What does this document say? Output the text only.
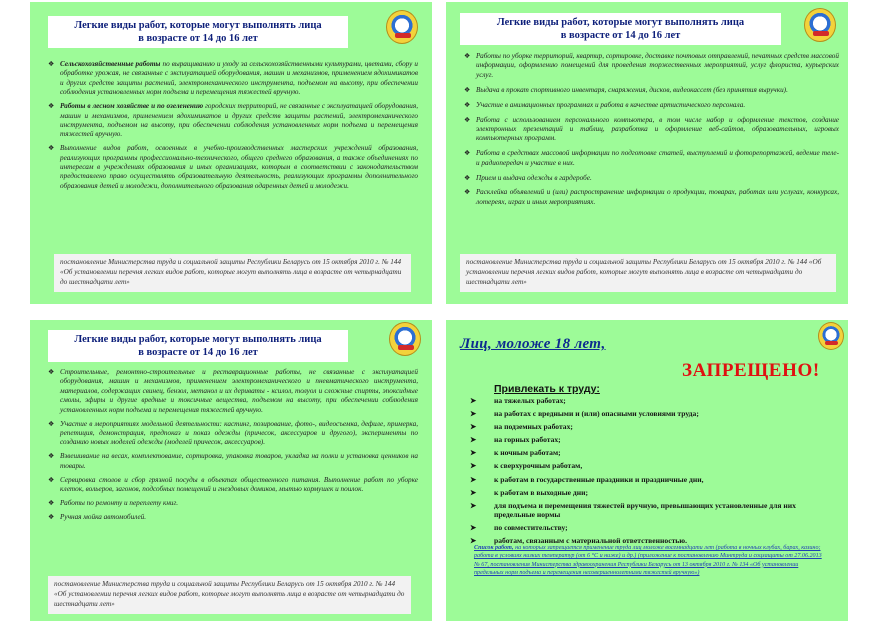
Легкие виды работ, которые могут выполнять лица
в возрасте от 14 до 16 лет
❖ Сельскохозяйственные работы по выращиванию и уходу за сельскохозяйственными культурами, цветами, сбору и обработке урожая, не связанные с эксплуатацией оборудования, машин и механизмов, применением ядохимикатов и других средств защиты растений, электромеханического инструмента, подъемом на высоту, при обеспечении соблюдения установленных норм подъема и перемещения тяжестей вручную.
❖ Работы в лесном хозяйстве и по озеленению городских территорий, не связанные с эксплуатацией оборудования, машин и механизмов, применением ядохимикатов и других средств защиты растений, электромеханического инструмента, подъемом на высоту, при обеспечении соблюдения установленных норм подъема и перемещения тяжестей вручную.
❖ Выполнение видов работ, освоенных в учебно-производственных мастерских учреждений образования, реализующих программы профессионально-технического, общего среднего образования, а также объединениях по интересам в учреждениях образования и иных организациях, которым в соответствии с законодательством предоставлено право осуществлять образовательную деятельность, реализующих программы дополнительного образования детей и молодежи, дополнительного образования одаренных детей и молодежи.
постановление Министерства труда и социальной защиты Республики Беларусь от 15 октября 2010 г. № 144 «Об установлении перечня легких видов работ, которые могут выполнять лица в возрасте от четырнадцати до шестнадцати лет»
Легкие виды работ, которые могут выполнять лица
в возрасте от 14 до 16 лет
❖ Работы по уборке территорий, квартир, сортировке, доставке почтовых отправлений, печатных средств массовой информации, оформлению помещений для проведения торжественных мероприятий, услуг флориста, курьерских услуг.
❖ Выдача в прокат спортивного инвентаря, снаряжения, дисков, видеокассет (без принятия выручки).
❖ Участие в анимационных программах и работа в качестве артистического персонала.
❖ Работа с использованием персонального компьютера, в том числе набор и оформление текстов, создание электронных презентаций и таблиц, разработка и оформление веб-сайтов, образовательных, игровых компьютерных программ.
❖ Работа в средствах массовой информации по подготовке статей, выступлений и фоторепортажей, ведение теле- и радиопередач и участие в них.
❖ Прием и выдача одежды в гардеробе.
❖ Расклейка объявлений и (или) распространение информации о продукции, товарах, работах или услугах, конкурсах, лотереях, играх и иных мероприятиях.
постановление Министерства труда и социальной защиты Республики Беларусь от 15 октября 2010 г. № 144 «Об установлении перечня легких видов работ, которые могут выполнять лица в возрасте от четырнадцати до шестнадцати лет»
Легкие виды работ, которые могут выполнять лица
в возрасте от 14 до 16 лет
❖ Строительные, ремонтно-строительные и реставрационные работы, не связанные с эксплуатацией оборудования, машин и механизмов, применением электромеханического и пневматического инструмента, материалов, содержащих свинец, бензол, метанол и их дериваты - ксилол, толуол и сложные спирты, эпоксидные смолы, эфиры и другие вредные и токсичные вещества, подъемом на высоту, при обеспечении соблюдения установленных норм подъема и перемещения тяжестей вручную.
❖ Участие в мероприятиях модельной деятельности: кастинг, позирование, фото-, видеосъемка, дефиле, примерка, репетиция, демонстрация, предпоказ и показ одежды (причесок, аксессуаров и другого), эксперименты по созданию новых моделей одежды (моделей причесок, аксессуаров).
❖ Взвешивание на весах, комплектование, сортировка, упаковка товаров, укладка на полки и установка ценников на товары.
❖ Сервировка столов и сбор грязной посуды в объектах общественного питания. Выполнение работ по уборке клеток, вольеров, загонов, подсобных помещений и гнездовых домиков, мытью кормушек и поилок.
❖ Работы по ремонту и переплету книг.
❖ Ручная мойка автомобилей.
постановление Министерства труда и социальной защиты Республики Беларусь от 15 октября 2010 г. № 144 «Об установлении перечня легких видов работ, которые могут выполнять лица в возрасте от четырнадцати до шестнадцати лет»
Лиц, моложе 18 лет,
ЗАПРЕЩЕНО!
Привлекать к труду:
➤ на тяжелых работах;
➤ на работах с вредными и (или) опасными условиями труда;
➤ на подземных работах;
➤ на горных работах;
➤ к ночным работам;
➤ к сверхурочным работам,
➤ к работам в государственные праздники и праздничные дни,
➤ к работам в выходные дни;
➤ для подъема и перемещения тяжестей вручную, превышающих установленные для них предельные нормы
➤ по совместительству;
➤ работам, связанным с материальной ответственностью.
Список работ, на которых запрещается применение труда лиц моложе восемнадцати лет (работа в ночных клубах, барах, казино; работа в условиях низких температур (от 6 °С и ниже) и др.) (приложение к постановлению Минтруда и соцзащиты от 27.06.2013 № 67, постановления Министерства здравоохранения Республики Беларусь от 13 октября 2010 г. № 134 «Об установлении предельных норм подъема и перемещения несовершеннолетними тяжестей вручную»)
